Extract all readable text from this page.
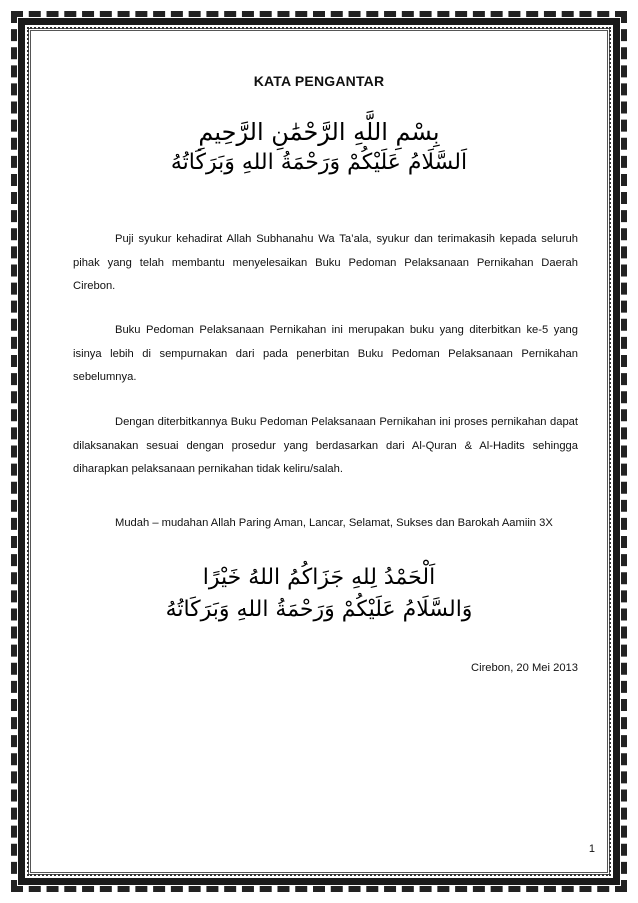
KATA PENGANTAR
بِسْمِ اللَّهِ الرَّحْمَٰنِ الرَّحِيمِ
اَلسَّلَامُ عَلَيْكُمْ وَرَحْمَةُ اللهِ وَبَرَكَاتُهُ

Puji syukur kehadirat Allah Subhanahu Wa Ta’ala, syukur dan terimakasih kepada seluruh pihak yang telah membantu menyelesaikan Buku Pedoman Pelaksanaan Pernikahan Daerah Cirebon.

Buku Pedoman Pelaksanaan Pernikahan ini merupakan buku yang diterbitkan ke-5 yang isinya lebih di sempurnakan dari pada penerbitan Buku Pedoman Pelaksanaan Pernikahan sebelumnya.

Dengan diterbitkannya Buku Pedoman Pelaksanaan Pernikahan ini proses pernikahan dapat dilaksanakan sesuai dengan prosedur yang berdasarkan dari Al-Quran & Al-Hadits sehingga diharapkan pelaksanaan pernikahan tidak keliru/salah.

Mudah – mudahan Allah Paring Aman, Lancar, Selamat, Sukses dan Barokah Aamiin 3X

اَلْحَمْدُ لِلهِ جَزَاكُمُ اللهُ خَيْرًا
وَالسَّلَامُ عَلَيْكُمْ وَرَحْمَةُ اللهِ وَبَرَكَاتُهُ
Cirebon, 20 Mei 2013
1
